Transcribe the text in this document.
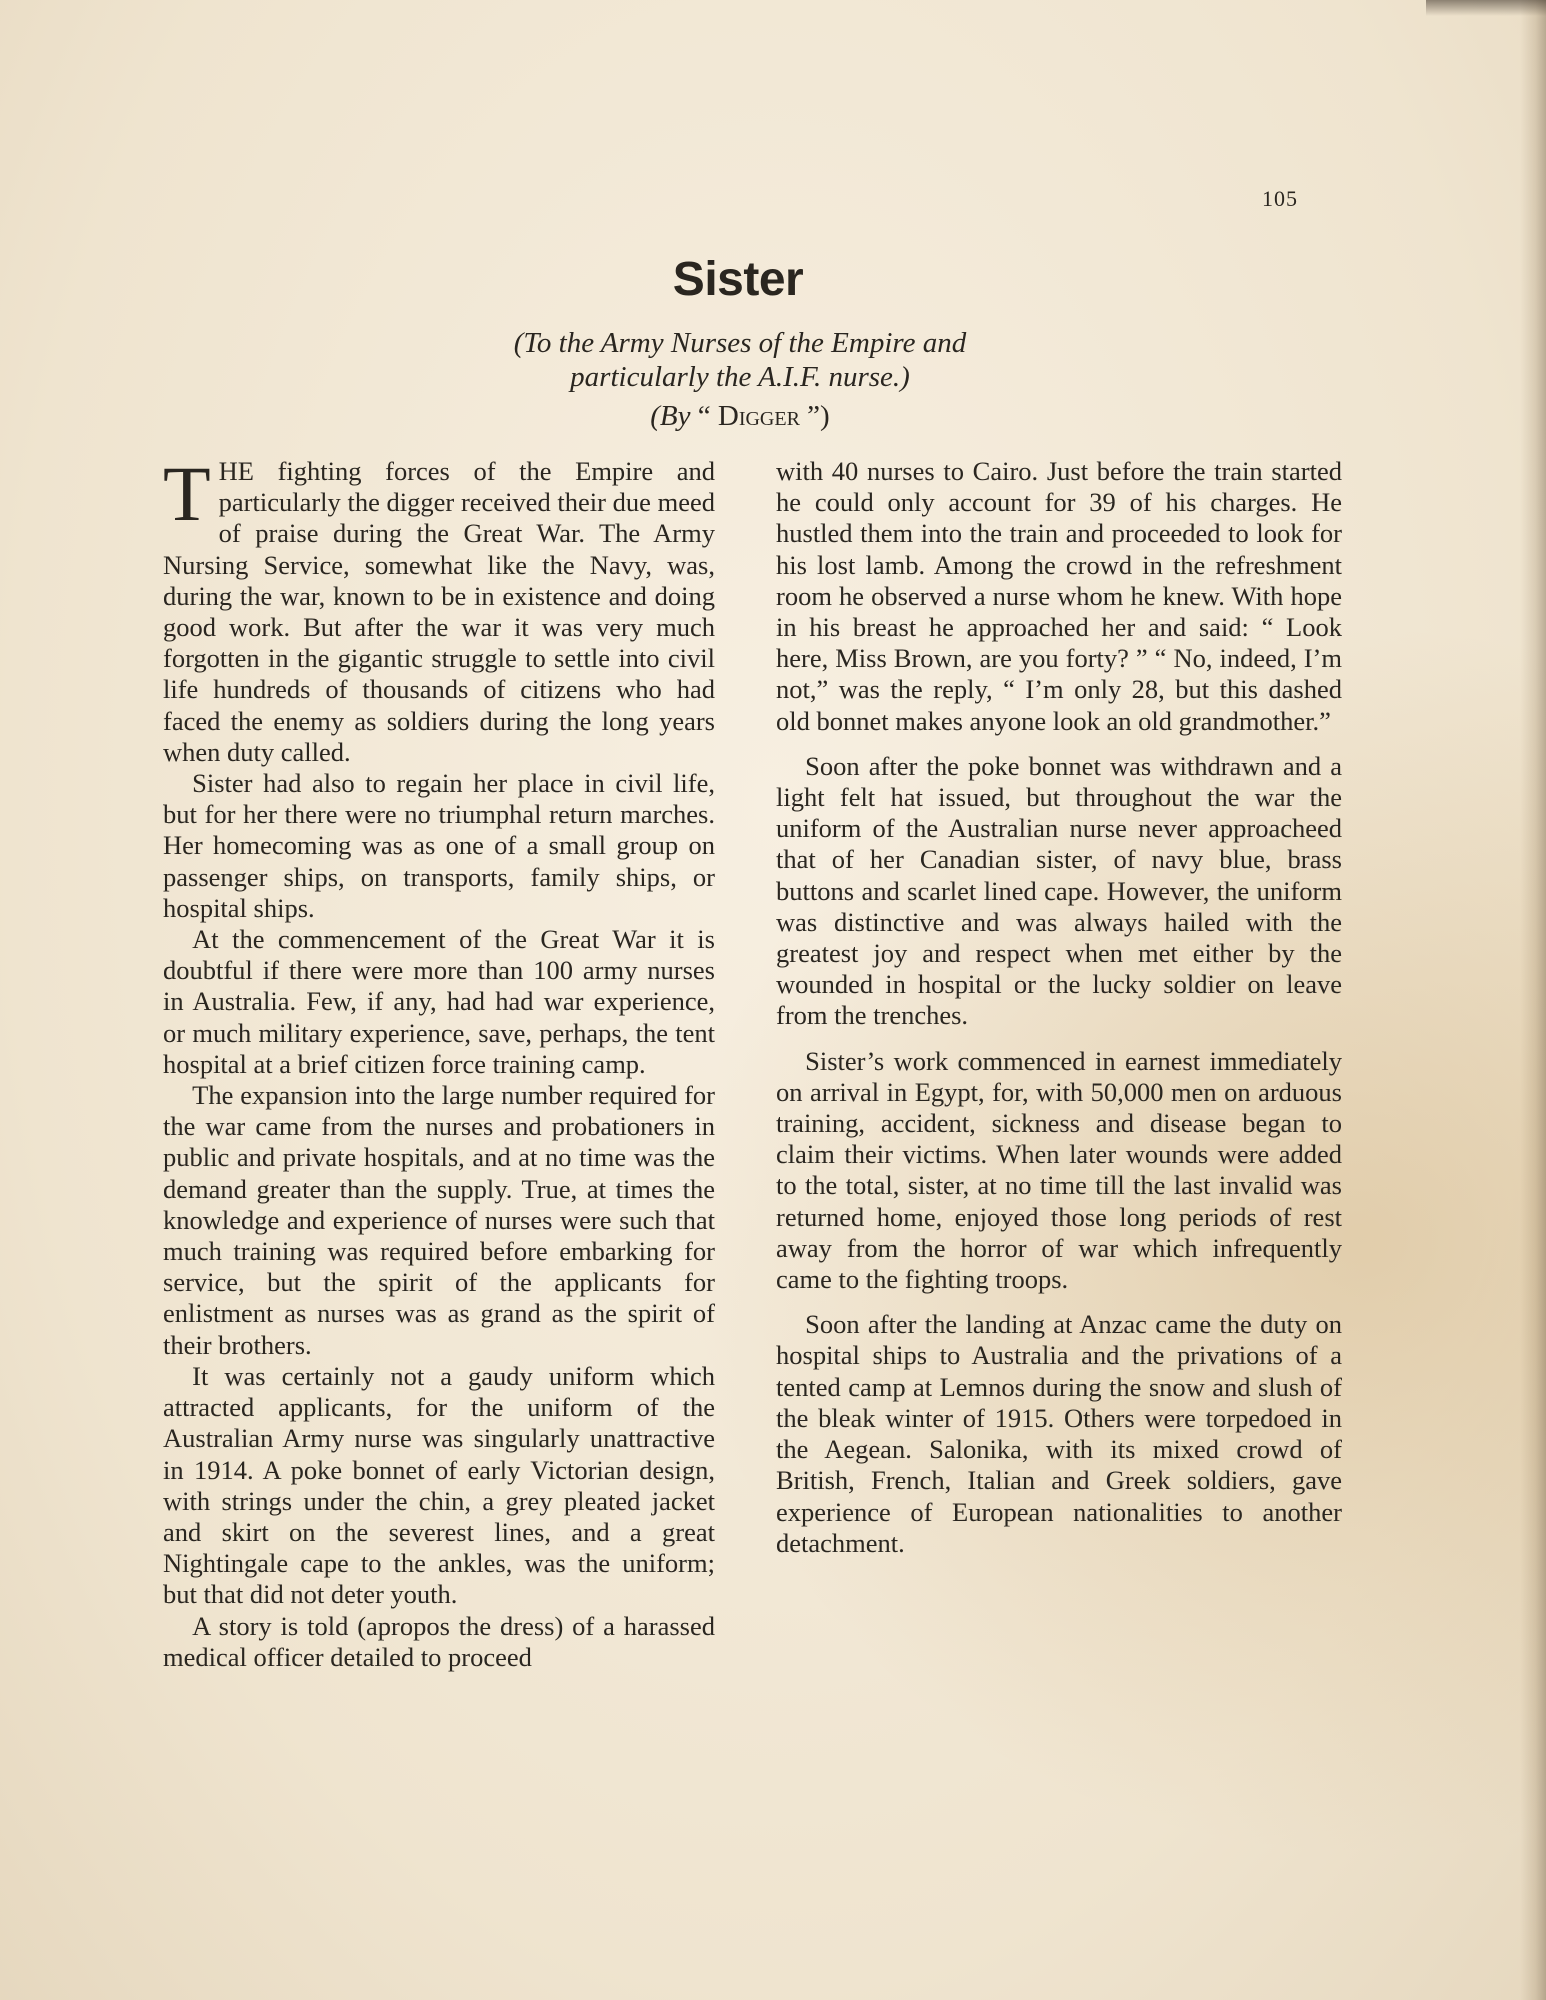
105
Sister
(To the Army Nurses of the Empire and
particularly the A.I.F. nurse.)
(By “ Digger ”)

THE fighting forces of the Empire and particularly the digger received their due meed of praise during the Great War. The Army Nursing Service, somewhat like the Navy, was, during the war, known to be in existence and doing good work. But after the war it was very much forgotten in the gigantic struggle to settle into civil life hundreds of thousands of citizens who had faced the enemy as soldiers during the long years when duty called.

Sister had also to regain her place in civil life, but for her there were no triumphal return marches. Her homecoming was as one of a small group on passenger ships, on transports, family ships, or hospital ships.

At the commencement of the Great War it is doubtful if there were more than 100 army nurses in Australia. Few, if any, had had war experience, or much military experience, save, perhaps, the tent hospital at a brief citizen force training camp.

The expansion into the large number required for the war came from the nurses and probationers in public and private hospitals, and at no time was the demand greater than the supply. True, at times the knowledge and experience of nurses were such that much training was required before embarking for service, but the spirit of the applicants for enlistment as nurses was as grand as the spirit of their brothers.

It was certainly not a gaudy uniform which attracted applicants, for the uniform of the Australian Army nurse was singularly unattractive in 1914. A poke bonnet of early Victorian design, with strings under the chin, a grey pleated jacket and skirt on the severest lines, and a great Nightingale cape to the ankles, was the uniform; but that did not deter youth.

A story is told (apropos the dress) of a harassed medical officer detailed to proceed

with 40 nurses to Cairo. Just before the train started he could only account for 39 of his charges. He hustled them into the train and proceeded to look for his lost lamb. Among the crowd in the refreshment room he observed a nurse whom he knew. With hope in his breast he approached her and said: “ Look here, Miss Brown, are you forty? ” “ No, indeed, I’m not,” was the reply, “ I’m only 28, but this dashed old bonnet makes anyone look an old grandmother.”

Soon after the poke bonnet was withdrawn and a light felt hat issued, but throughout the war the uniform of the Australian nurse never approacheed that of her Canadian sister, of navy blue, brass buttons and scarlet lined cape. However, the uniform was distinctive and was always hailed with the greatest joy and respect when met either by the wounded in hospital or the lucky soldier on leave from the trenches.

Sister’s work commenced in earnest immediately on arrival in Egypt, for, with 50,000 men on arduous training, accident, sickness and disease began to claim their victims. When later wounds were added to the total, sister, at no time till the last invalid was returned home, enjoyed those long periods of rest away from the horror of war which infrequently came to the fighting troops.

Soon after the landing at Anzac came the duty on hospital ships to Australia and the privations of a tented camp at Lemnos during the snow and slush of the bleak winter of 1915. Others were torpedoed in the Aegean. Salonika, with its mixed crowd of British, French, Italian and Greek soldiers, gave experience of European nationalities to another detachment.
